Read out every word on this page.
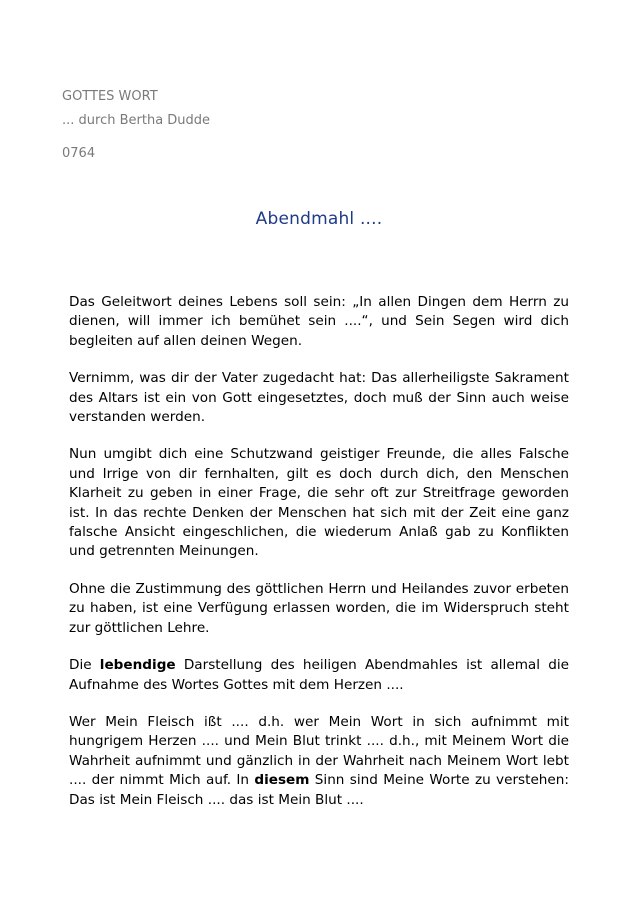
GOTTES WORT
... durch Bertha Dudde
0764
Abendmahl ....

Das Geleitwort deines Lebens soll sein: „In allen Dingen dem Herrn zu dienen, will immer ich bemühet sein ....“, und Sein Segen wird dich begleiten auf allen deinen Wegen.

Vernimm, was dir der Vater zugedacht hat: Das allerheiligste Sakrament des Altars ist ein von Gott eingesetztes, doch muß der Sinn auch weise verstanden werden.

Nun umgibt dich eine Schutzwand geistiger Freunde, die alles Falsche und Irrige von dir fernhalten, gilt es doch durch dich, den Menschen Klarheit zu geben in einer Frage, die sehr oft zur Streitfrage geworden ist. In das rechte Denken der Menschen hat sich mit der Zeit eine ganz falsche Ansicht eingeschlichen, die wiederum Anlaß gab zu Konflikten und getrennten Meinungen.

Ohne die Zustimmung des göttlichen Herrn und Heilandes zuvor erbeten zu haben, ist eine Verfügung erlassen worden, die im Widerspruch steht zur göttlichen Lehre.

Die lebendige Darstellung des heiligen Abendmahles ist allemal die Aufnahme des Wortes Gottes mit dem Herzen ....

Wer Mein Fleisch ißt .... d.h. wer Mein Wort in sich aufnimmt mit hungrigem Herzen .... und Mein Blut trinkt .... d.h., mit Meinem Wort die Wahrheit aufnimmt und gänzlich in der Wahrheit nach Meinem Wort lebt .... der nimmt Mich auf. In diesem Sinn sind Meine Worte zu verstehen: Das ist Mein Fleisch .... das ist Mein Blut ....
